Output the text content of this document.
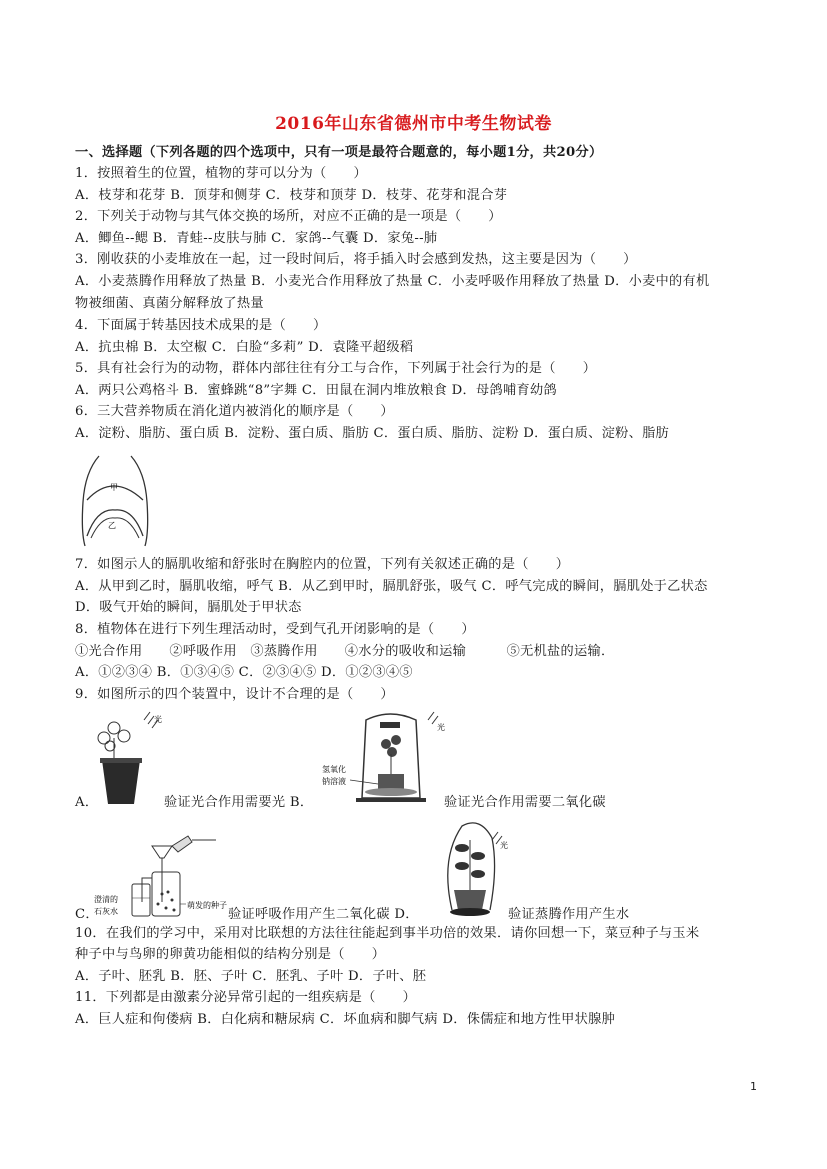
2016年山东省德州市中考生物试卷
一、选择题（下列各题的四个选项中，只有一项是最符合题意的，每小题1分，共20分）
1．按照着生的位置，植物的芽可以分为（　　）
A．枝芽和花芽 B．顶芽和侧芽 C．枝芽和顶芽 D．枝芽、花芽和混合芽
2．下列关于动物与其气体交换的场所，对应不正确的是一项是（　　）
A．鲫鱼--鳃 B．青蛙--皮肤与肺 C．家鸽--气囊 D．家兔--肺
3．刚收获的小麦堆放在一起，过一段时间后，将手插入时会感到发热，这主要是因为（　　）
A．小麦蒸腾作用释放了热量 B．小麦光合作用释放了热量 C．小麦呼吸作用释放了热量 D．小麦中的有机
物被细菌、真菌分解释放了热量
4．下面属于转基因技术成果的是（　　）
A．抗虫棉 B．太空椒 C．白脸“多莉” D．袁隆平超级稻
5．具有社会行为的动物，群体内部往往有分工与合作，下列属于社会行为的是（　　）
A．两只公鸡格斗 B．蜜蜂跳“8”字舞 C．田鼠在洞内堆放粮食 D．母鸽哺育幼鸽
6．三大营养物质在消化道内被消化的顺序是（　　）
A．淀粉、脂肪、蛋白质 B．淀粉、蛋白质、脂肪 C．蛋白质、脂肪、淀粉 D．蛋白质、淀粉、脂肪
甲
乙
7．如图示人的膈肌收缩和舒张时在胸腔内的位置，下列有关叙述正确的是（　　）
A．从甲到乙时，膈肌收缩，呼气 B．从乙到甲时，膈肌舒张，吸气 C．呼气完成的瞬间，膈肌处于乙状态
D．吸气开始的瞬间，膈肌处于甲状态
8．植物体在进行下列生理活动时，受到气孔开闭影响的是（　　）
①光合作用　　②呼吸作用　③蒸腾作用　　④水分的吸收和运输　　　⑤无机盐的运输．
A．①②③④ B．①③④⑤ C．②③④⑤ D．①②③④⑤
9．如图所示的四个装置中，设计不合理的是（　　）
光
A．	验证光合作用需要光 B．
光
氢氧化
钠溶液
验证光合作用需要二氧化碳
澄清的
石灰水
萌发的种子
C．	验证呼吸作用产生二氧化碳 D．
光
验证蒸腾作用产生水
10．在我们的学习中，采用对比联想的方法往往能起到事半功倍的效果．请你回想一下，菜豆种子与玉米
种子中与鸟卵的卵黄功能相似的结构分别是（　　）
A．子叶、胚乳 B．胚、子叶 C．胚乳、子叶 D．子叶、胚
11．下列都是由激素分泌异常引起的一组疾病是（　　）
A．巨人症和佝偻病 B．白化病和糖尿病 C．坏血病和脚气病 D．侏儒症和地方性甲状腺肿
1
